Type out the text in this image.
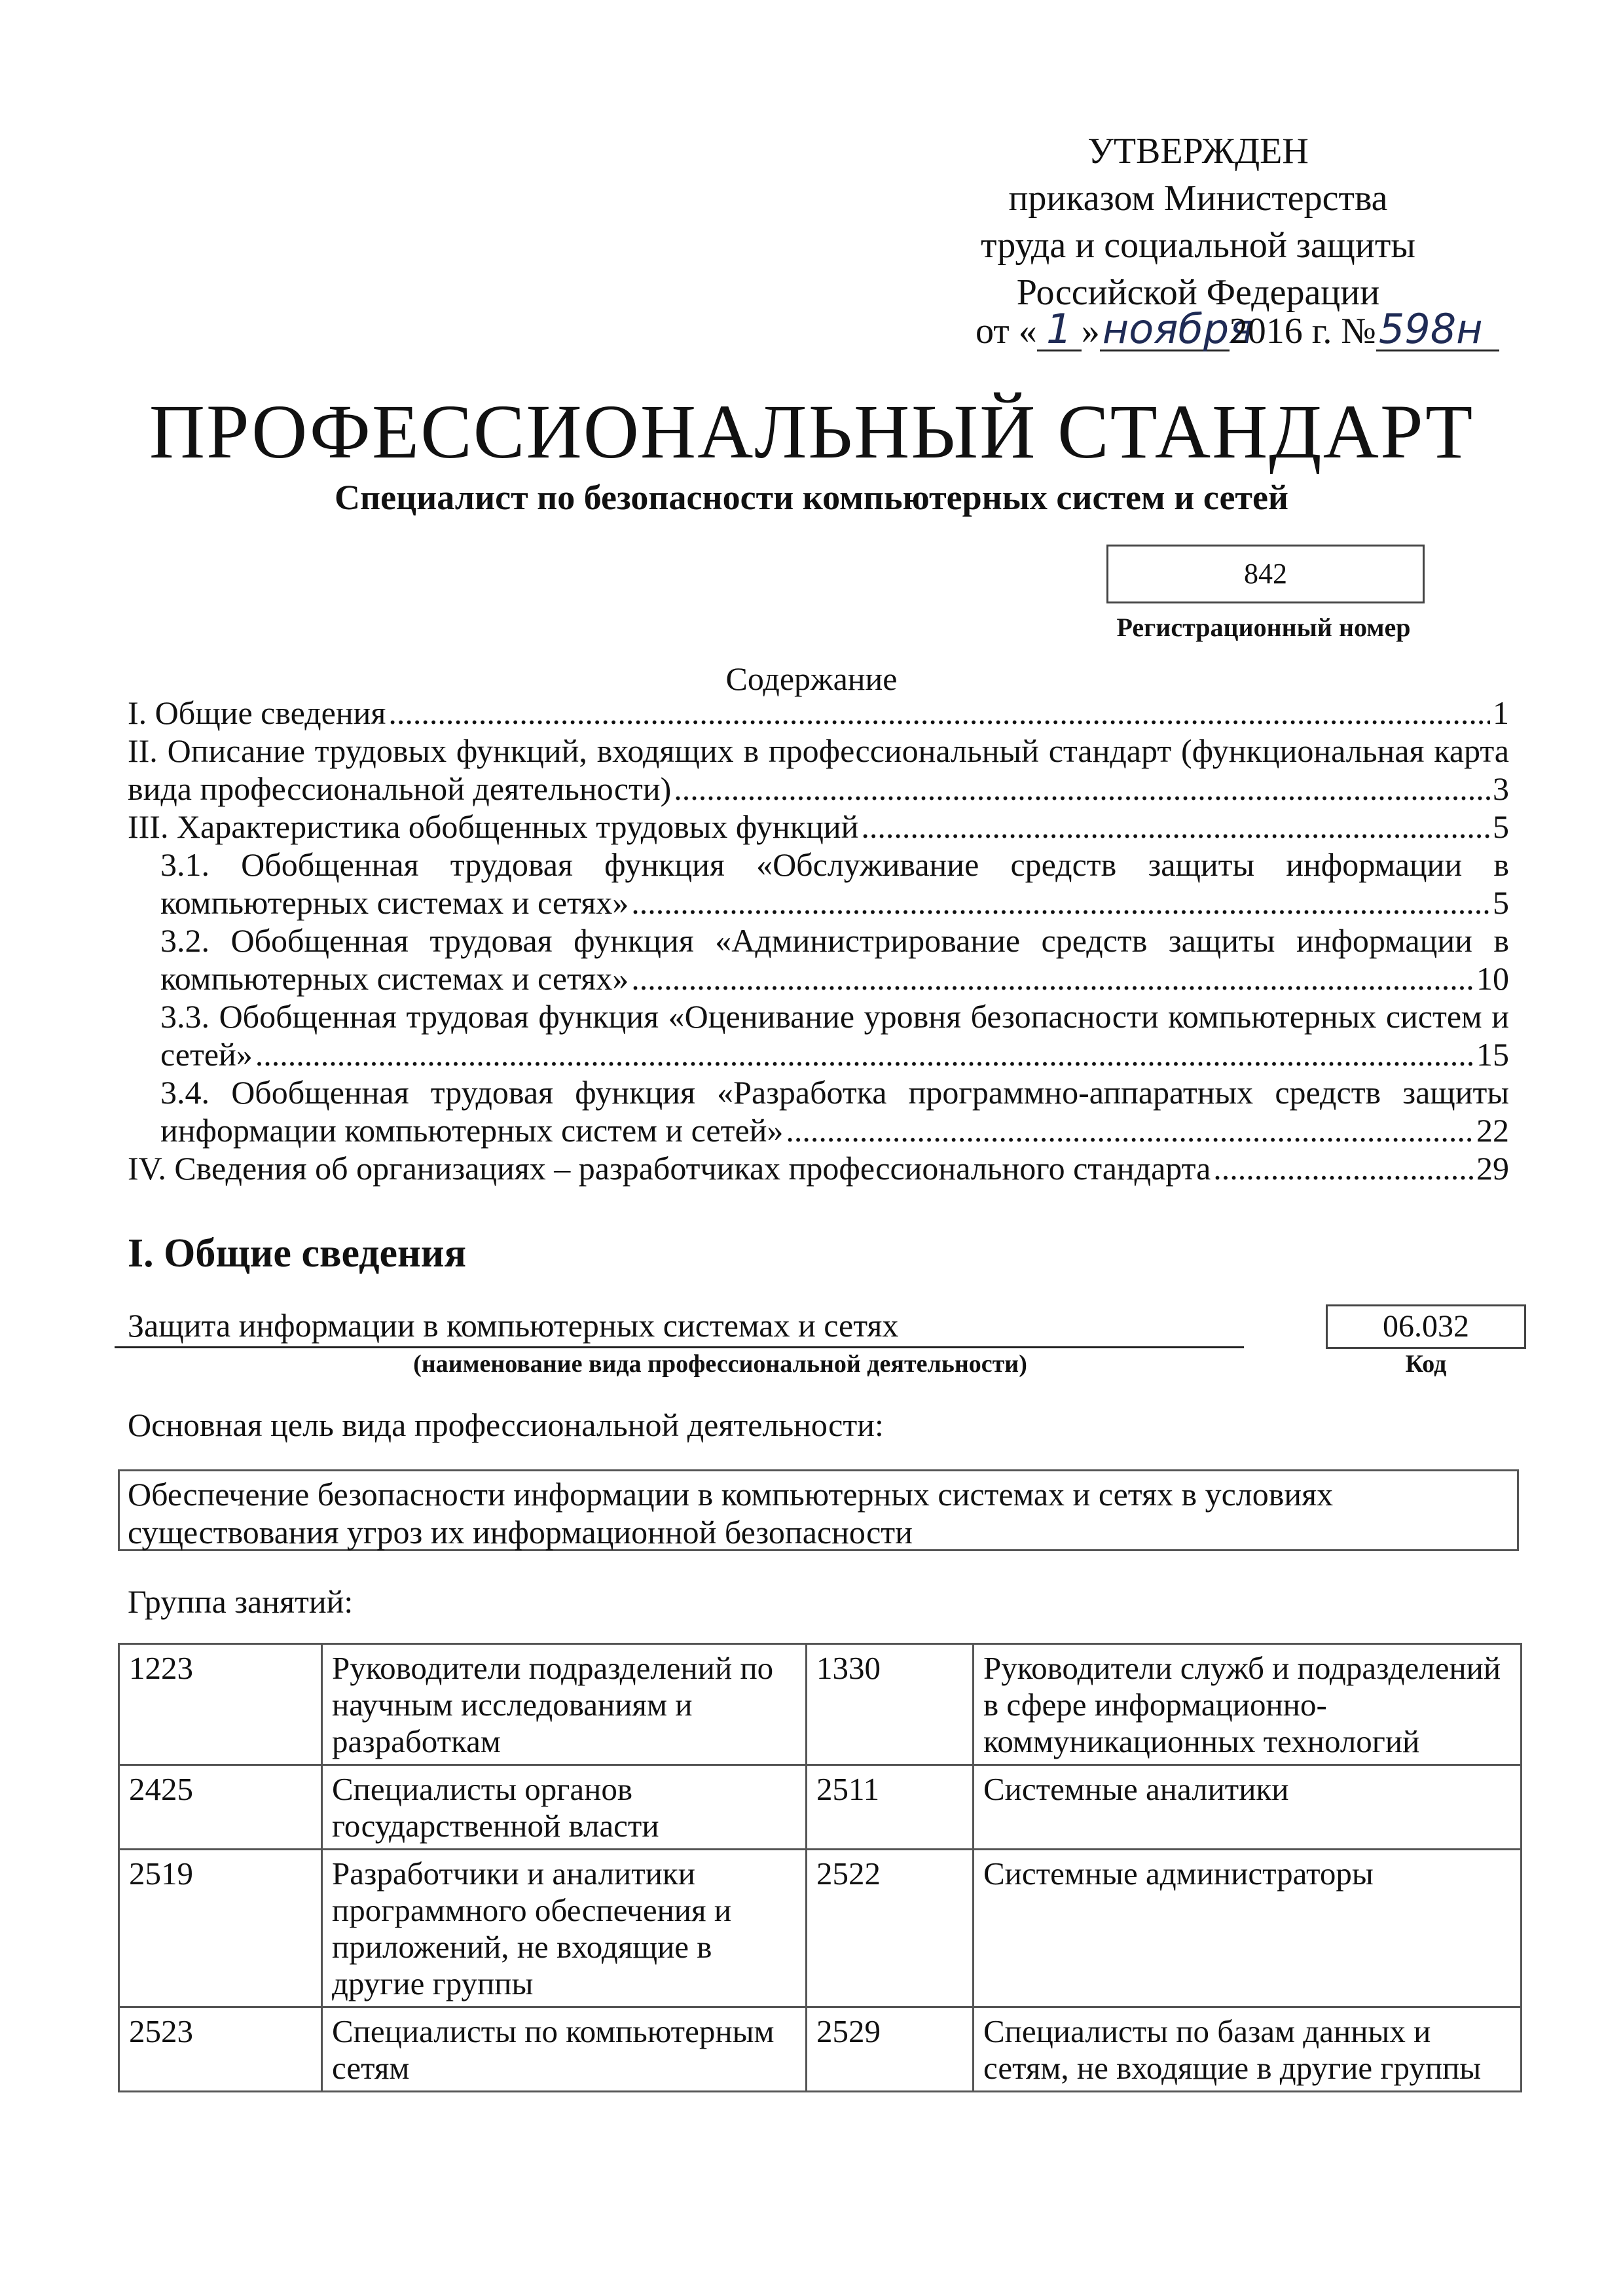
УТВЕРЖДЕН
приказом Министерства
труда и социальной защиты
Российской Федерации
от « 1 »ноября2016 г. №598н
ПРОФЕССИОНАЛЬНЫЙ СТАНДАРТ
Специалист по безопасности компьютерных систем и сетей
842
Регистрационный номер
Содержание
I. Общие сведения .....	1
II. Описание трудовых функций, входящих в профессиональный стандарт (функциональная карта
вида профессиональной деятельности) .....	3
III. Характеристика обобщенных трудовых функций .....	5
3.1. Обобщенная трудовая функция «Обслуживание средств защиты информации в
компьютерных системах и сетях» .....	5
3.2. Обобщенная трудовая функция «Администрирование средств защиты информации в
компьютерных системах и сетях» .....	10
3.3. Обобщенная трудовая функция «Оценивание уровня безопасности компьютерных систем и
сетей» .....	15
3.4. Обобщенная трудовая функция «Разработка программно-аппаратных средств защиты
информации компьютерных систем и сетей» .....	22
IV. Сведения об организациях – разработчиках профессионального стандарта .....	29
I. Общие сведения
Защита информации в компьютерных системах и сетях
(наименование вида профессиональной деятельности)
06.032
Код
Основная цель вида профессиональной деятельности:
Обеспечение безопасности информации в компьютерных системах и сетях в условиях существования угроз их информационной безопасности
Группа занятий:
1223	Руководители подразделений по научным исследованиям и разработкам	1330	Руководители служб и подразделений в сфере информационно-коммуникационных технологий
2425	Специалисты органов государственной власти	2511	Системные аналитики
2519	Разработчики и аналитики программного обеспечения и приложений, не входящие в другие группы	2522	Системные администраторы
2523	Специалисты по компьютерным сетям	2529	Специалисты по базам данных и сетям, не входящие в другие группы
